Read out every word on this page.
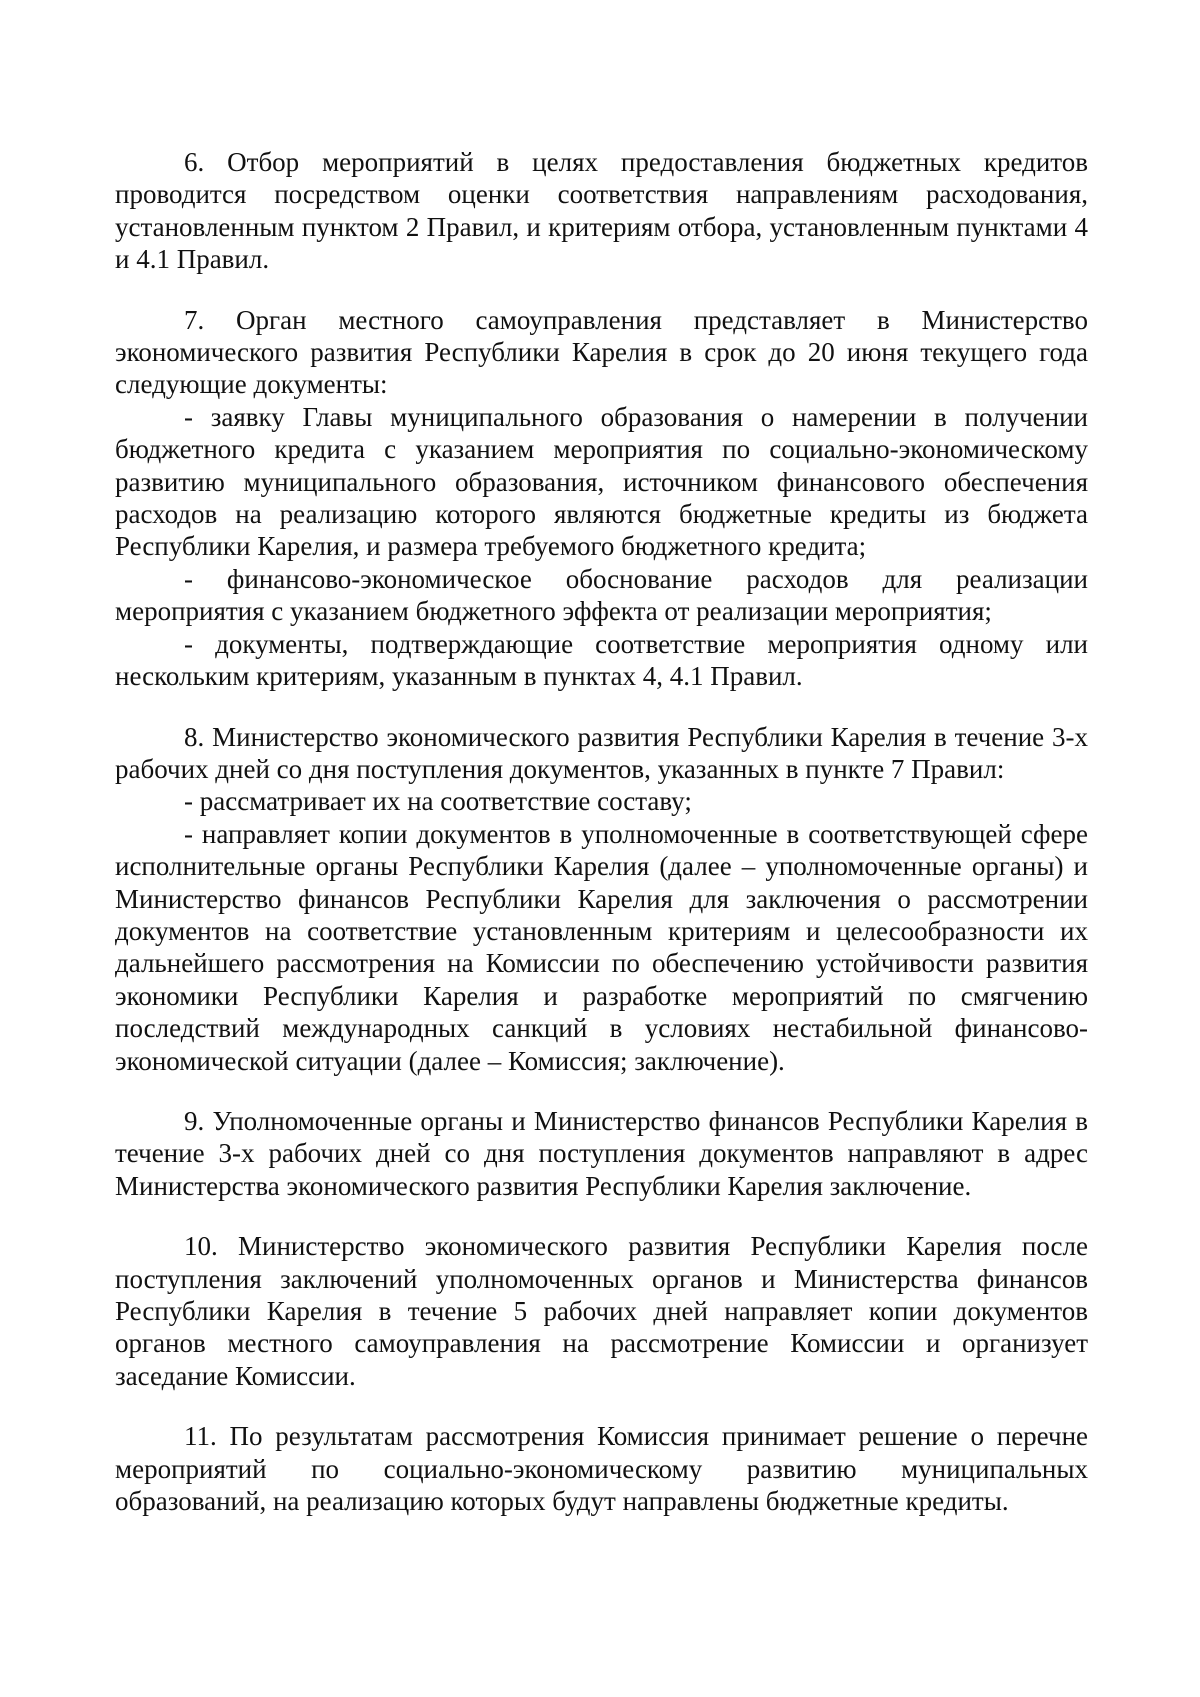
6. Отбор мероприятий в целях предоставления бюджетных кредитов проводится посредством оценки соответствия направлениям расходования, установленным пунктом 2 Правил, и критериям отбора, установленным пунктами 4 и 4.1 Правил.

7. Орган местного самоуправления представляет в Министерство экономического развития Республики Карелия в срок до 20 июня текущего года следующие документы:

- заявку Главы муниципального образования о намерении в получении бюджетного кредита с указанием мероприятия по социально-экономическому развитию муниципального образования, источником финансового обеспечения расходов на реализацию которого являются бюджетные кредиты из бюджета Республики Карелия, и размера требуемого бюджетного кредита;

- финансово-экономическое обоснование расходов для реализации мероприятия с указанием бюджетного эффекта от реализации мероприятия;

- документы, подтверждающие соответствие мероприятия одному или нескольким критериям, указанным в пунктах 4, 4.1 Правил.

8. Министерство экономического развития Республики Карелия в течение 3-х рабочих дней со дня поступления документов, указанных в пункте 7 Правил:

- рассматривает их на соответствие составу;

- направляет копии документов в уполномоченные в соответствующей сфере исполнительные органы Республики Карелия (далее – уполномоченные органы) и Министерство финансов Республики Карелия для заключения о рассмотрении документов на соответствие установленным критериям и целесообразности их дальнейшего рассмотрения на Комиссии по обеспечению устойчивости развития экономики Республики Карелия и разработке мероприятий по смягчению последствий международных санкций в условиях нестабильной финансово-экономической ситуации (далее – Комиссия; заключение).

9. Уполномоченные органы и Министерство финансов Республики Карелия в течение 3-х рабочих дней со дня поступления документов направляют в адрес Министерства экономического развития Республики Карелия заключение.

10. Министерство экономического развития Республики Карелия после поступления заключений уполномоченных органов и Министерства финансов Республики Карелия в течение 5 рабочих дней направляет копии документов органов местного самоуправления на рассмотрение Комиссии и организует заседание Комиссии.

11. По результатам рассмотрения Комиссия принимает решение о перечне мероприятий по социально-экономическому развитию муниципальных образований, на реализацию которых будут направлены бюджетные кредиты.
